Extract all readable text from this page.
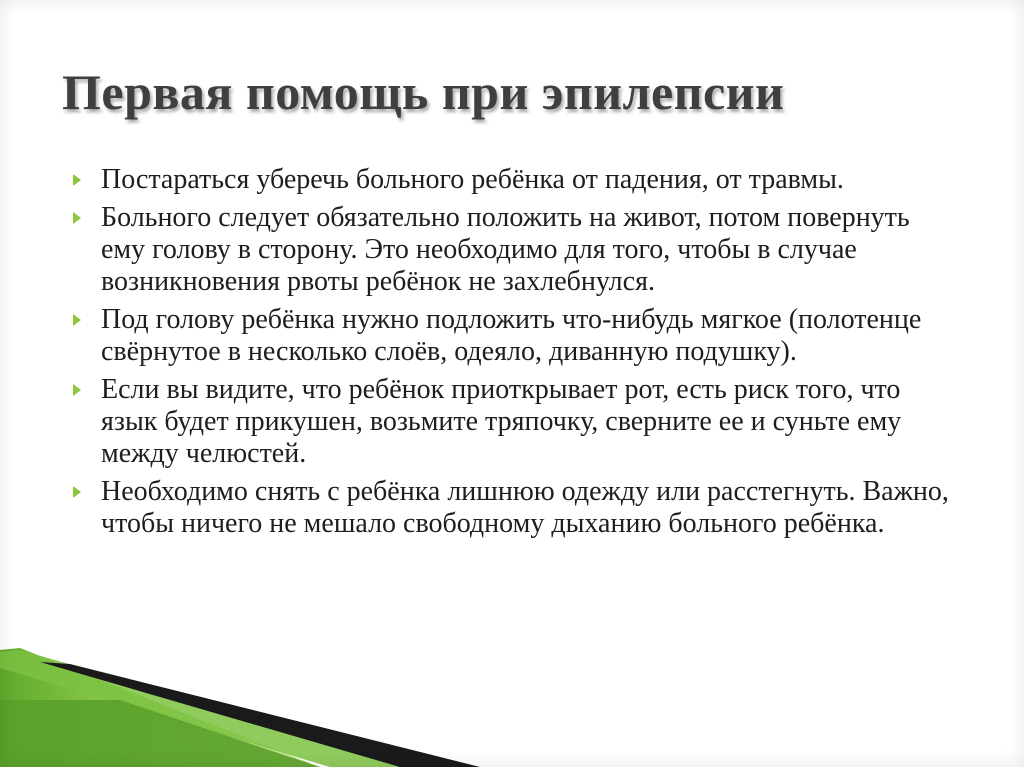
Первая помощь при эпилепсии
Постараться уберечь больного ребёнка от падения, от травмы.
Больного следует обязательно положить на живот, потом повернуть ему голову в сторону. Это необходимо для того, чтобы в случае возникновения рвоты ребёнок не захлебнулся.
Под голову ребёнка нужно подложить что-нибудь мягкое (полотенце свёрнутое в несколько слоёв, одеяло, диванную подушку).
Если вы видите, что ребёнок приоткрывает рот, есть риск того, что язык будет прикушен, возьмите тряпочку, сверните ее и суньте ему между челюстей.
Необходимо снять с ребёнка лишнюю одежду или расстегнуть. Важно, чтобы ничего не мешало свободному дыханию больного ребёнка.
